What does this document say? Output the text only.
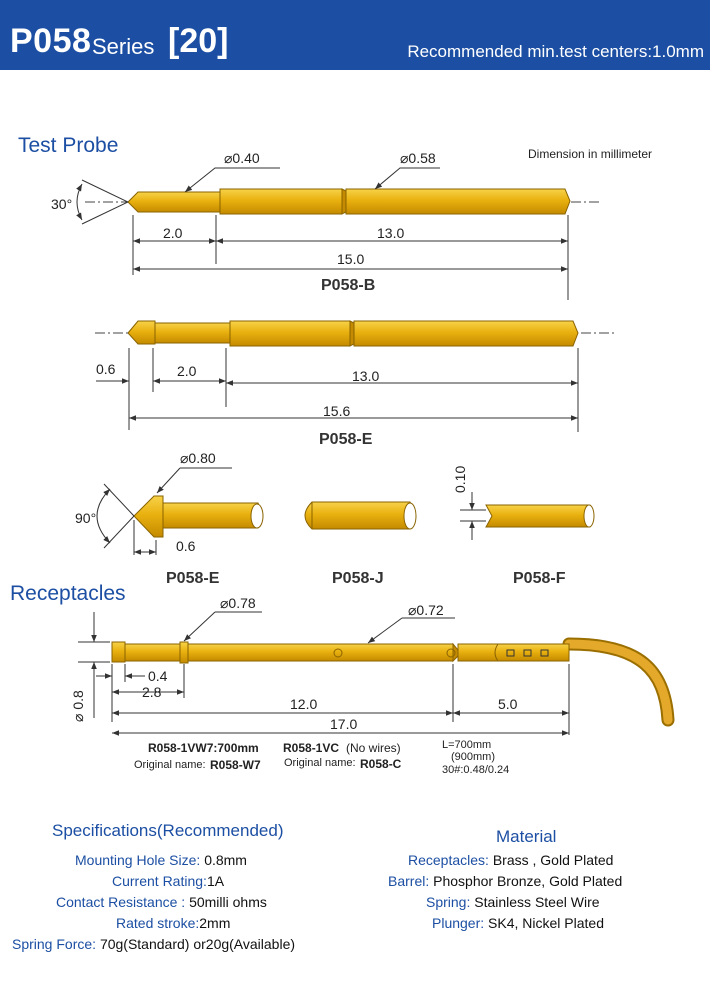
P058 Series [20]	Recommended min.test centers:1.0mm
Test Probe	Dimension in millimeter
Receptacles
30°
⌀0.40	⌀0.58
2.0	13.0
15.0
P058-B
0.6	2.0	13.0
15.6
P058-E
⌀0.80
90°
0.6
P058-E	P058-J	P058-F
0.10
⌀0.78	⌀0.72
⌀ 0.8
0.4
2.8
12.0	5.0
17.0
R058-1VW7:700mm
Original name: R058-W7
R058-1VC (No wires)
Original name: R058-C
L=700mm
(900mm)
30#:0.48/0.24
Specifications(Recommended)
Mounting Hole Size: 0.8mm
Current Rating:1A
Contact Resistance : 50milli ohms
Rated stroke:2mm
Spring Force: 70g(Standard) or20g(Available)
Material
Receptacles: Brass , Gold Plated
Barrel: Phosphor Bronze, Gold Plated
Spring: Stainless Steel Wire
Plunger: SK4, Nickel Plated
